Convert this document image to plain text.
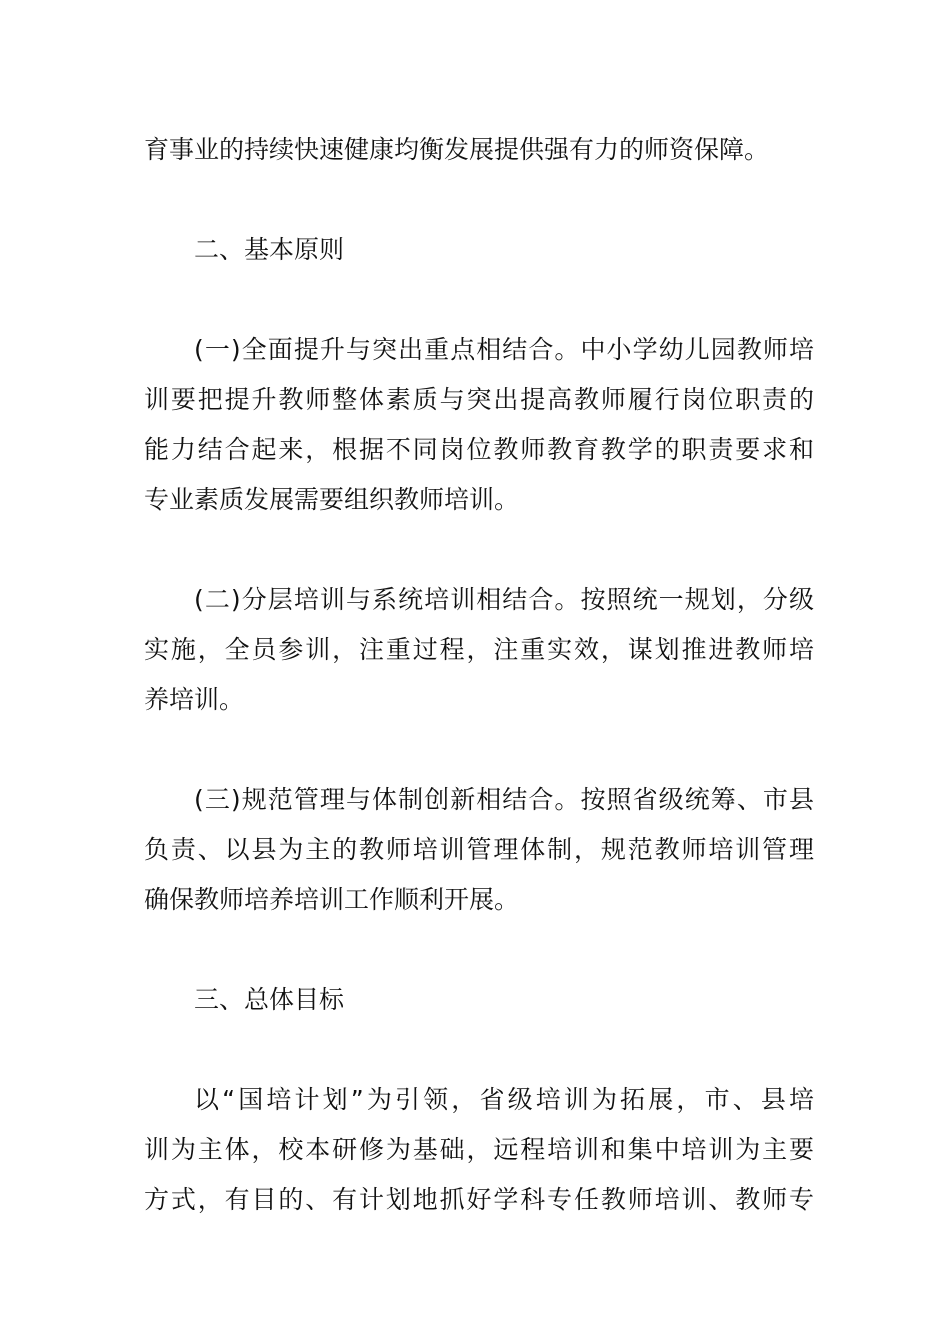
育事业的持续快速健康均衡发展提供强有力的师资保障。
二、基本原则
(一)全面提升与突出重点相结合。中小学幼儿园教师培
训要把提升教师整体素质与突出提高教师履行岗位职责的
能力结合起来，根据不同岗位教师教育教学的职责要求和
专业素质发展需要组织教师培训。
(二)分层培训与系统培训相结合。按照统一规划，分级
实施，全员参训，注重过程，注重实效，谋划推进教师培
养培训。
(三)规范管理与体制创新相结合。按照省级统筹、市县
负责、以县为主的教师培训管理体制，规范教师培训管理
确保教师培养培训工作顺利开展。
三、总体目标
以“国培计划”为引领，省级培训为拓展，市、县培
训为主体，校本研修为基础，远程培训和集中培训为主要
方式，有目的、有计划地抓好学科专任教师培训、教师专
